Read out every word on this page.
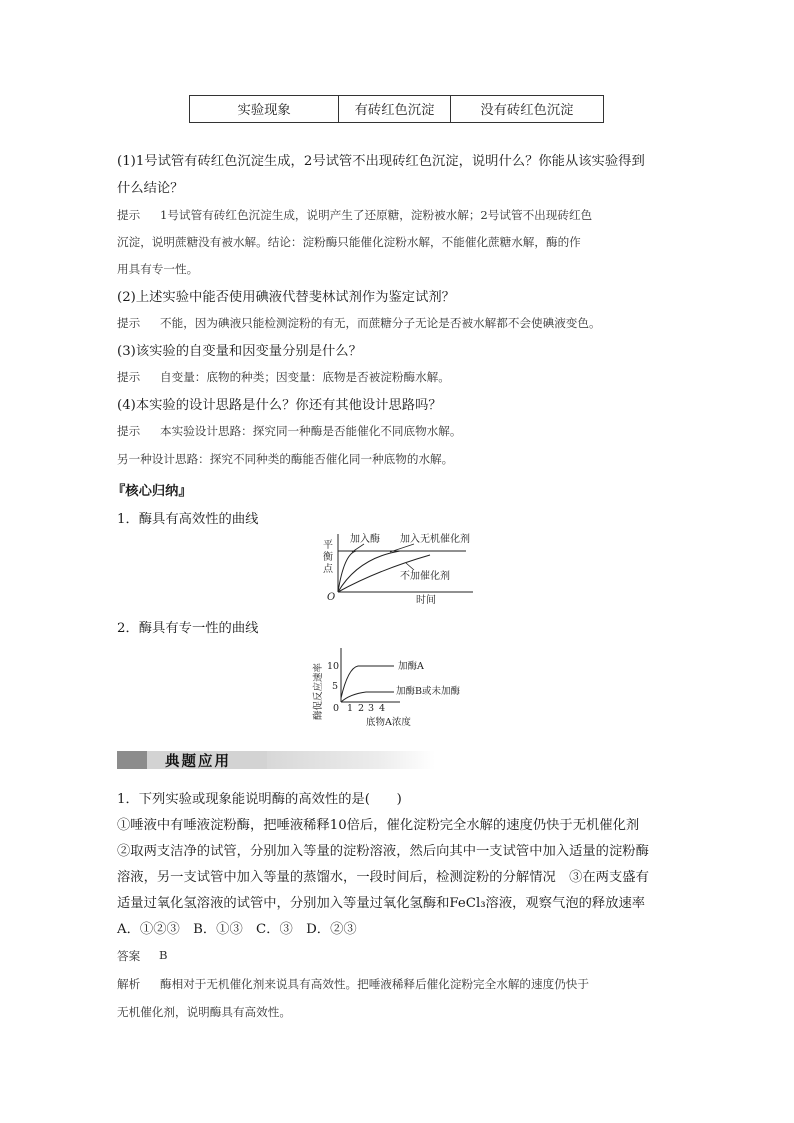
实验现象	有砖红色沉淀	没有砖红色沉淀
(1)1号试管有砖红色沉淀生成，2号试管不出现砖红色沉淀，说明什么？你能从该实验得到
什么结论？
提示 1号试管有砖红色沉淀生成，说明产生了还原糖，淀粉被水解；2号试管不出现砖红色
沉淀，说明蔗糖没有被水解。结论：淀粉酶只能催化淀粉水解，不能催化蔗糖水解，酶的作
用具有专一性。
(2)上述实验中能否使用碘液代替斐林试剂作为鉴定试剂？
提示 不能，因为碘液只能检测淀粉的有无，而蔗糖分子无论是否被水解都不会使碘液变色。
(3)该实验的自变量和因变量分别是什么？
提示 自变量：底物的种类；因变量：底物是否被淀粉酶水解。
(4)本实验的设计思路是什么？你还有其他设计思路吗？
提示 本实验设计思路：探究同一种酶是否能催化不同底物水解。
另一种设计思路：探究不同种类的酶能否催化同一种底物的水解。
『核心归纳』
1．酶具有高效性的曲线
平
衡
点
O	时间
加入酶 加入无机催化剂
不加催化剂
2．酶具有专一性的曲线
酶促反应速率 10
5
0 1 2 3 4
底物A浓度
加酶A
加酶B或未加酶
典题应用
1．下列实验或现象能说明酶的高效性的是(　　)
①唾液中有唾液淀粉酶，把唾液稀释10倍后，催化淀粉完全水解的速度仍快于无机催化剂
②取两支洁净的试管，分别加入等量的淀粉溶液，然后向其中一支试管中加入适量的淀粉酶
溶液，另一支试管中加入等量的蒸馏水，一段时间后，检测淀粉的分解情况　③在两支盛有
适量过氧化氢溶液的试管中，分别加入等量过氧化氢酶和FeCl₃溶液，观察气泡的释放速率
A．①②③　B．①③　C．③　D．②③
答案 B
解析 酶相对于无机催化剂来说具有高效性。把唾液稀释后催化淀粉完全水解的速度仍快于
无机催化剂，说明酶具有高效性。
